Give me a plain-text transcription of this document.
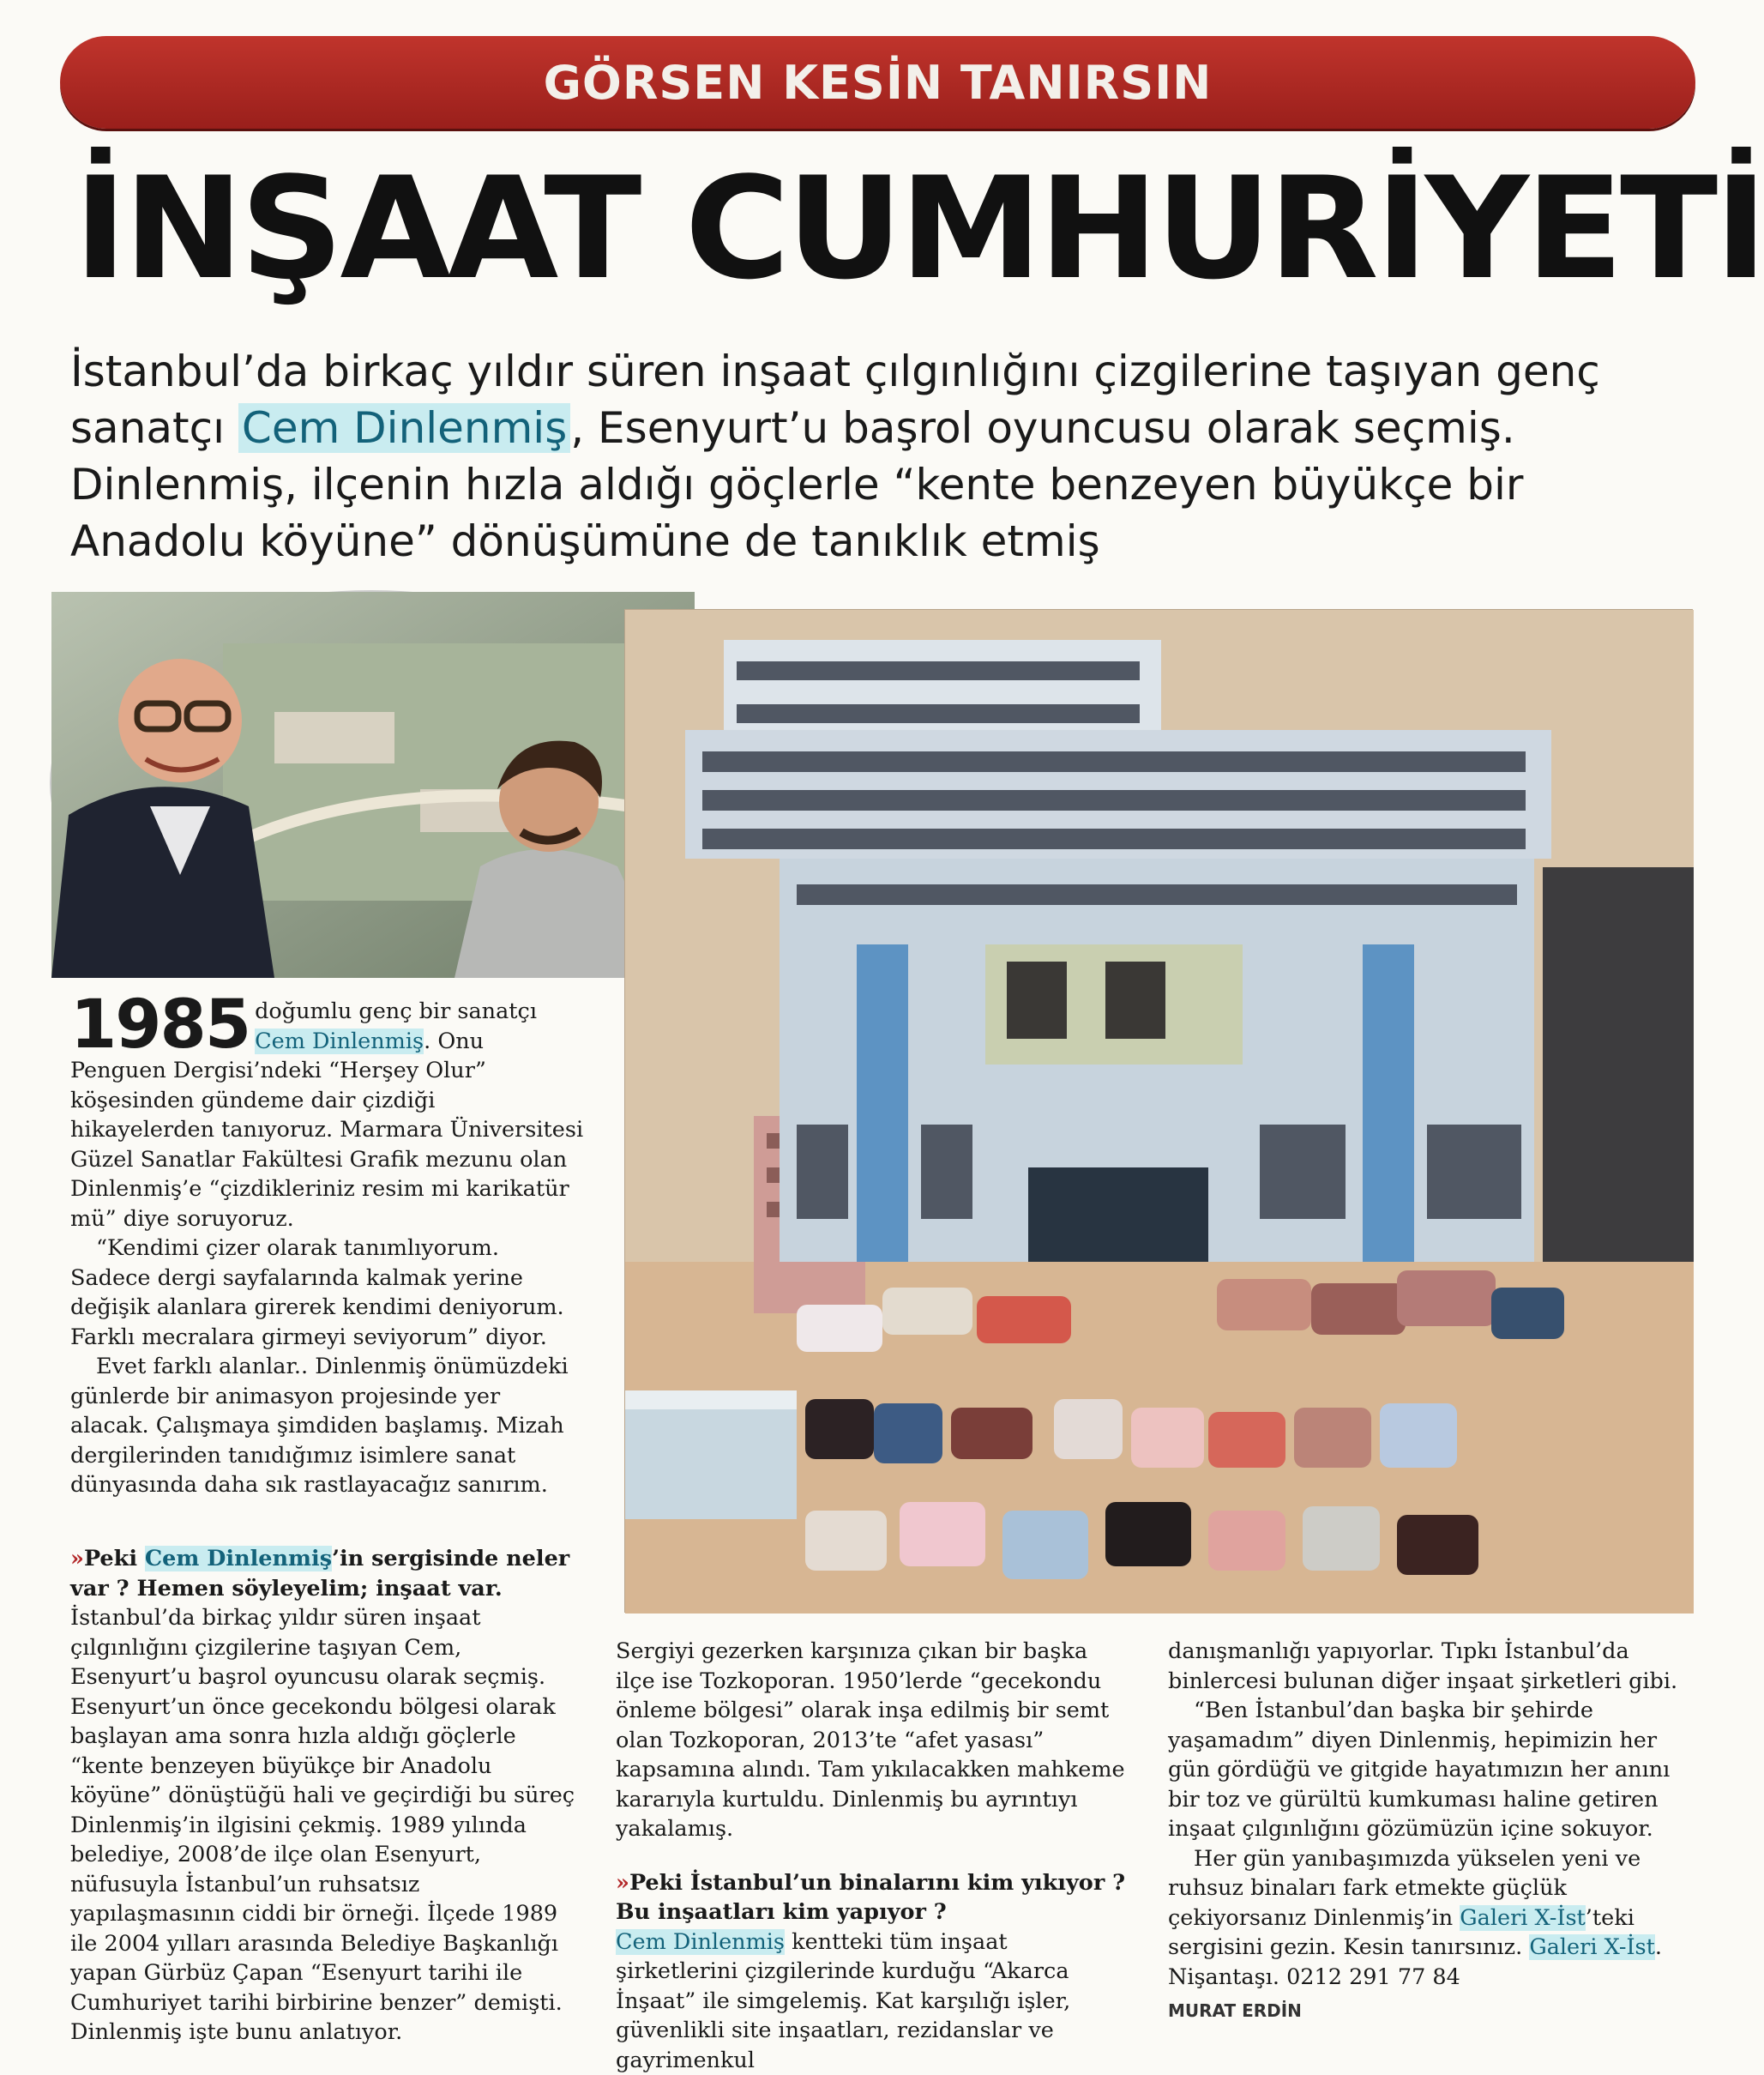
GÖRSEN KESİN TANIRSIN
İNŞAAT CUMHURİYETİ
İstanbul’da birkaç yıldır süren inşaat çılgınlığını çizgilerine taşıyan genç sanatçı Cem Dinlenmiş, Esenyurt’u başrol oyuncusu olarak seçmiş. Dinlenmiş, ilçenin hızla aldığı göçlerle “kente benzeyen büyükçe bir Anadolu köyüne” dönüşümüne de tanıklık etmiş

1985 doğumlu genç bir sanatçı Cem Dinlenmiş. Onu Penguen Dergisi’ndeki “Herşey Olur” köşesinden gündeme dair çizdiği hikayelerden tanıyoruz. Marmara Üniversitesi Güzel Sanatlar Fakültesi Grafik mezunu olan Dinlenmiş’e “çizdikleriniz resim mi karikatür mü” diye soruyoruz.

“Kendimi çizer olarak tanımlıyorum. Sadece dergi sayfalarında kalmak yerine değişik alanlara girerek kendimi deniyorum. Farklı mecralara girmeyi seviyorum” diyor.

Evet farklı alanlar.. Dinlenmiş önümüzdeki günlerde bir animasyon projesinde yer alacak. Çalışmaya şimdiden başlamış. Mizah dergilerinden tanıdığımız isimlere sanat dünyasında daha sık rastlayacağız sanırım.

»Peki Cem Dinlenmiş’in sergisinde neler var ? Hemen söyleyelim; inşaat var.

İstanbul’da birkaç yıldır süren inşaat çılgınlığını çizgilerine taşıyan Cem, Esenyurt’u başrol oyuncusu olarak seçmiş. Esenyurt’un önce gecekondu bölgesi olarak başlayan ama sonra hızla aldığı göçlerle “kente benzeyen büyükçe bir Anadolu köyüne” dönüştüğü hali ve geçirdiği bu süreç Dinlenmiş’in ilgisini çekmiş. 1989 yılında belediye, 2008’de ilçe olan Esenyurt, nüfusuyla İstanbul’un ruhsatsız yapılaşmasının ciddi bir örneği. İlçede 1989 ile 2004 yılları arasında Belediye Başkanlığı yapan Gürbüz Çapan “Esenyurt tarihi ile Cumhuriyet tarihi birbirine benzer” demişti. Dinlenmiş işte bunu anlatıyor.

Sergiyi gezerken karşınıza çıkan bir başka ilçe ise Tozkoporan. 1950’lerde “gecekondu önleme bölgesi” olarak inşa edilmiş bir semt olan Tozkoporan, 2013’te “afet yasası” kapsamına alındı. Tam yıkılacakken mahkeme kararıyla kurtuldu. Dinlenmiş bu ayrıntıyı yakalamış.

»Peki İstanbul’un binalarını kim yıkıyor ? Bu inşaatları kim yapıyor ?

Cem Dinlenmiş kentteki tüm inşaat şirketlerini çizgilerinde kurduğu “Akarca İnşaat” ile simgelemiş. Kat karşılığı işler, güvenlikli site inşaatları, rezidanslar ve gayrimenkul

danışmanlığı yapıyorlar. Tıpkı İstanbul’da binlercesi bulunan diğer inşaat şirketleri gibi.

“Ben İstanbul’dan başka bir şehirde yaşamadım” diyen Dinlenmiş, hepimizin her gün gördüğü ve gitgide hayatımızın her anını bir toz ve gürültü kumkuması haline getiren inşaat çılgınlığını gözümüzün içine sokuyor.

Her gün yanıbaşımızda yükselen yeni ve ruhsuz binaları fark etmekte güçlük çekiyorsanız Dinlenmiş’in Galeri X-İst’teki sergisini gezin. Kesin tanırsınız. Galeri X-İst. Nişantaşı. 0212 291 77 84

MURAT ERDİN
